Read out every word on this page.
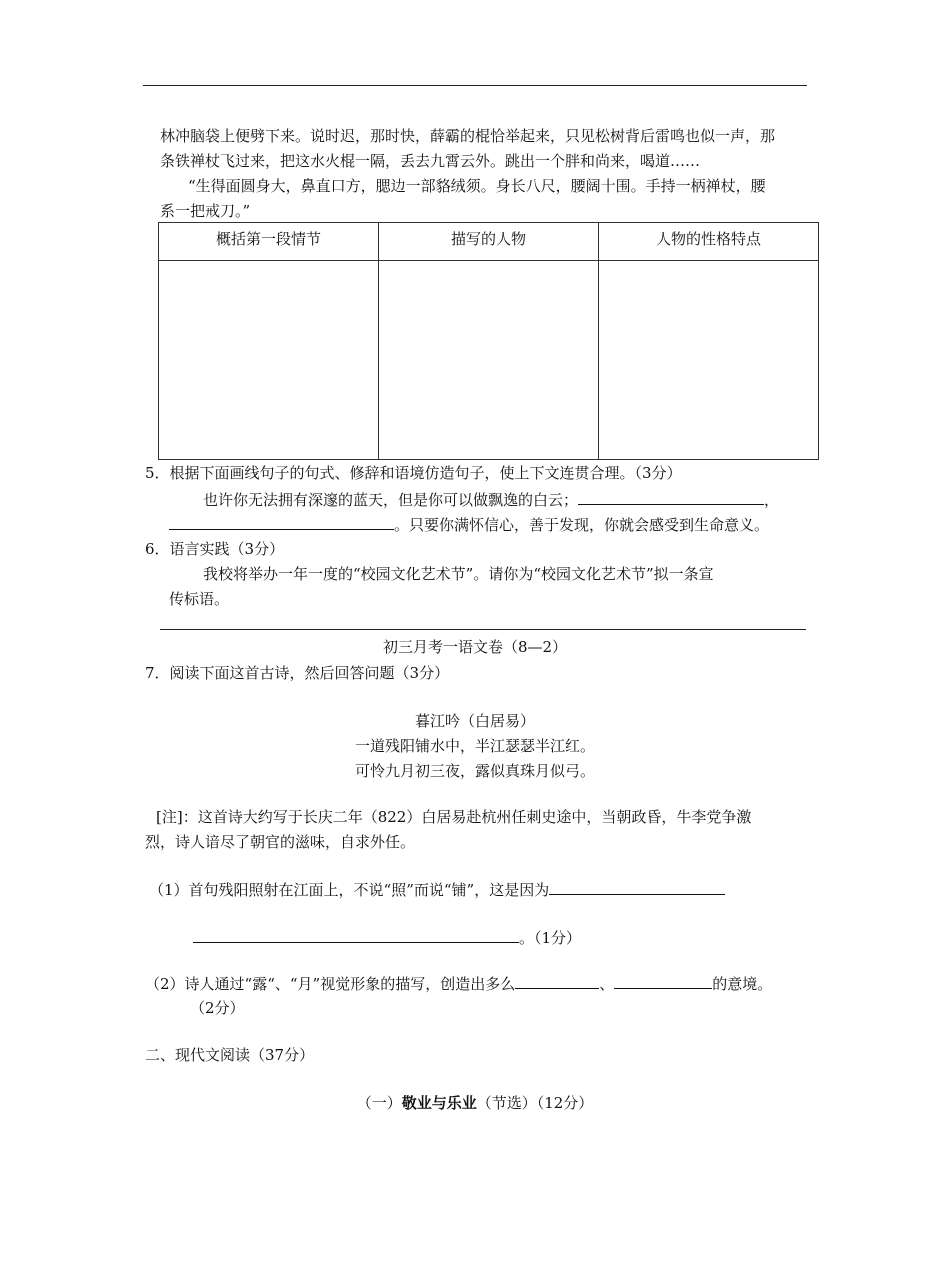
林冲脑袋上便劈下来。说时迟，那时快，薛霸的棍恰举起来，只见松树背后雷鸣也似一声，那
条铁禅杖飞过来，把这水火棍一隔，丢去九霄云外。跳出一个胖和尚来，喝道……
“生得面圆身大，鼻直口方，腮边一部貉绒须。身长八尺，腰阔十围。手持一柄禅杖，腰
系一把戒刀。”
概括第一段情节	描写的人物	人物的性格特点

5．根据下面画线句子的句式、修辞和语境仿造句子，使上下文连贯合理。（3分）
也许你无法拥有深邃的蓝天，但是你可以做飘逸的白云；	，
。只要你满怀信心，善于发现，你就会感受到生命意义。
6．语言实践（3分）
我校将举办一年一度的“校园文化艺术节”。请你为“校园文化艺术节”拟一条宣
传标语。
初三月考一语文卷（8—2）
7．阅读下面这首古诗，然后回答问题（3分）
暮江吟（白居易）
一道残阳铺水中，半江瑟瑟半江红。
可怜九月初三夜，露似真珠月似弓。
[注]：这首诗大约写于长庆二年（822）白居易赴杭州任刺史途中，当朝政昏，牛李党争激
烈，诗人谙尽了朝官的滋味，自求外任。
（1）首句残阳照射在江面上，不说“照”而说“铺”，这是因为
。（1分）
（2）诗人通过“露“、“月”视觉形象的描写，创造出多么	、	的意境。
（2分）
二、现代文阅读（37分）
（一）敬业与乐业（节选）（12分）
